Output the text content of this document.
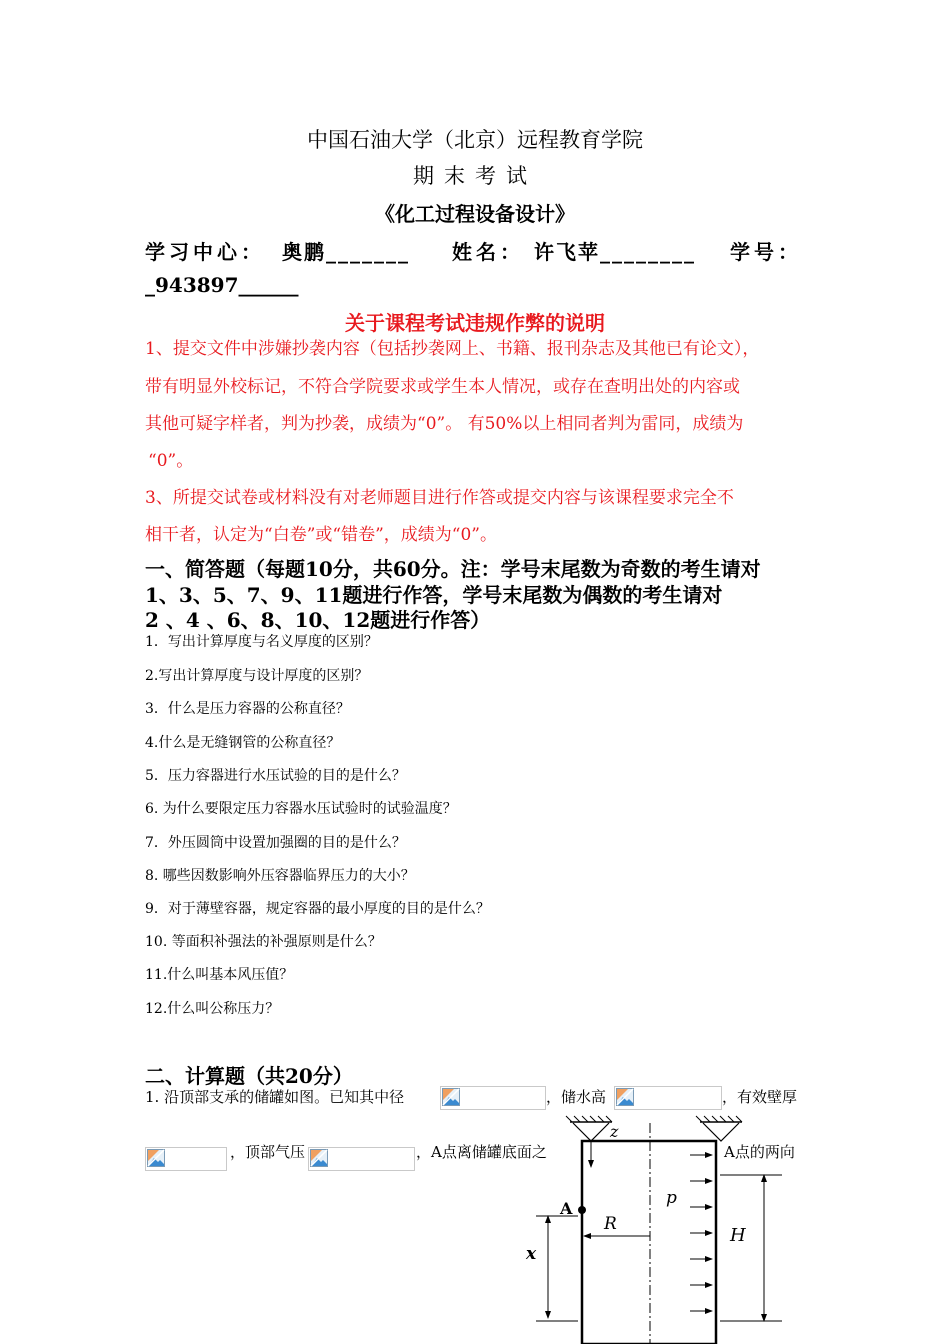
中国石油大学（北京）远程教育学院
期末考试
《化工过程设备设计》
学习中心： 奥鹏_______ 姓名： 许飞苹________ 学号：
_943897______
关于课程考试违规作弊的说明
1、提交文件中涉嫌抄袭内容（包括抄袭网上、书籍、报刊杂志及其他已有论文），
带有明显外校标记，不符合学院要求或学生本人情况，或存在查明出处的内容或
其他可疑字样者，判为抄袭，成绩为“0”。 有50%以上相同者判为雷同，成绩为
“0”。
3、所提交试卷或材料没有对老师题目进行作答或提交内容与该课程要求完全不
相干者，认定为“白卷”或“错卷”，成绩为“0”。
一、简答题（每题10分，共60分。注：学号末尾数为奇数的考生请对
1、3、5、7、9、11题进行作答，学号末尾数为偶数的考生请对
2 、4 、6、8、10、12题进行作答）
1．写出计算厚度与名义厚度的区别？
2.写出计算厚度与设计厚度的区别？
3．什么是压力容器的公称直径？
4.什么是无缝钢管的公称直径？
5．压力容器进行水压试验的目的是什么？
6. 为什么要限定压力容器水压试验时的试验温度？
7．外压圆筒中设置加强圈的目的是什么？
8. 哪些因数影响外压容器临界压力的大小？
9．对于薄壁容器，规定容器的最小厚度的目的是什么？
10. 等面积补强法的补强原则是什么？
11.什么叫基本风压值？
12.什么叫公称压力？
二、计算题（共20分）
1. 沿顶部支承的储罐如图。已知其中径	，储水高	，有效壁厚
，顶部气压	，A点离储罐底面之	A点的两向
z
A
p
R
H
x
